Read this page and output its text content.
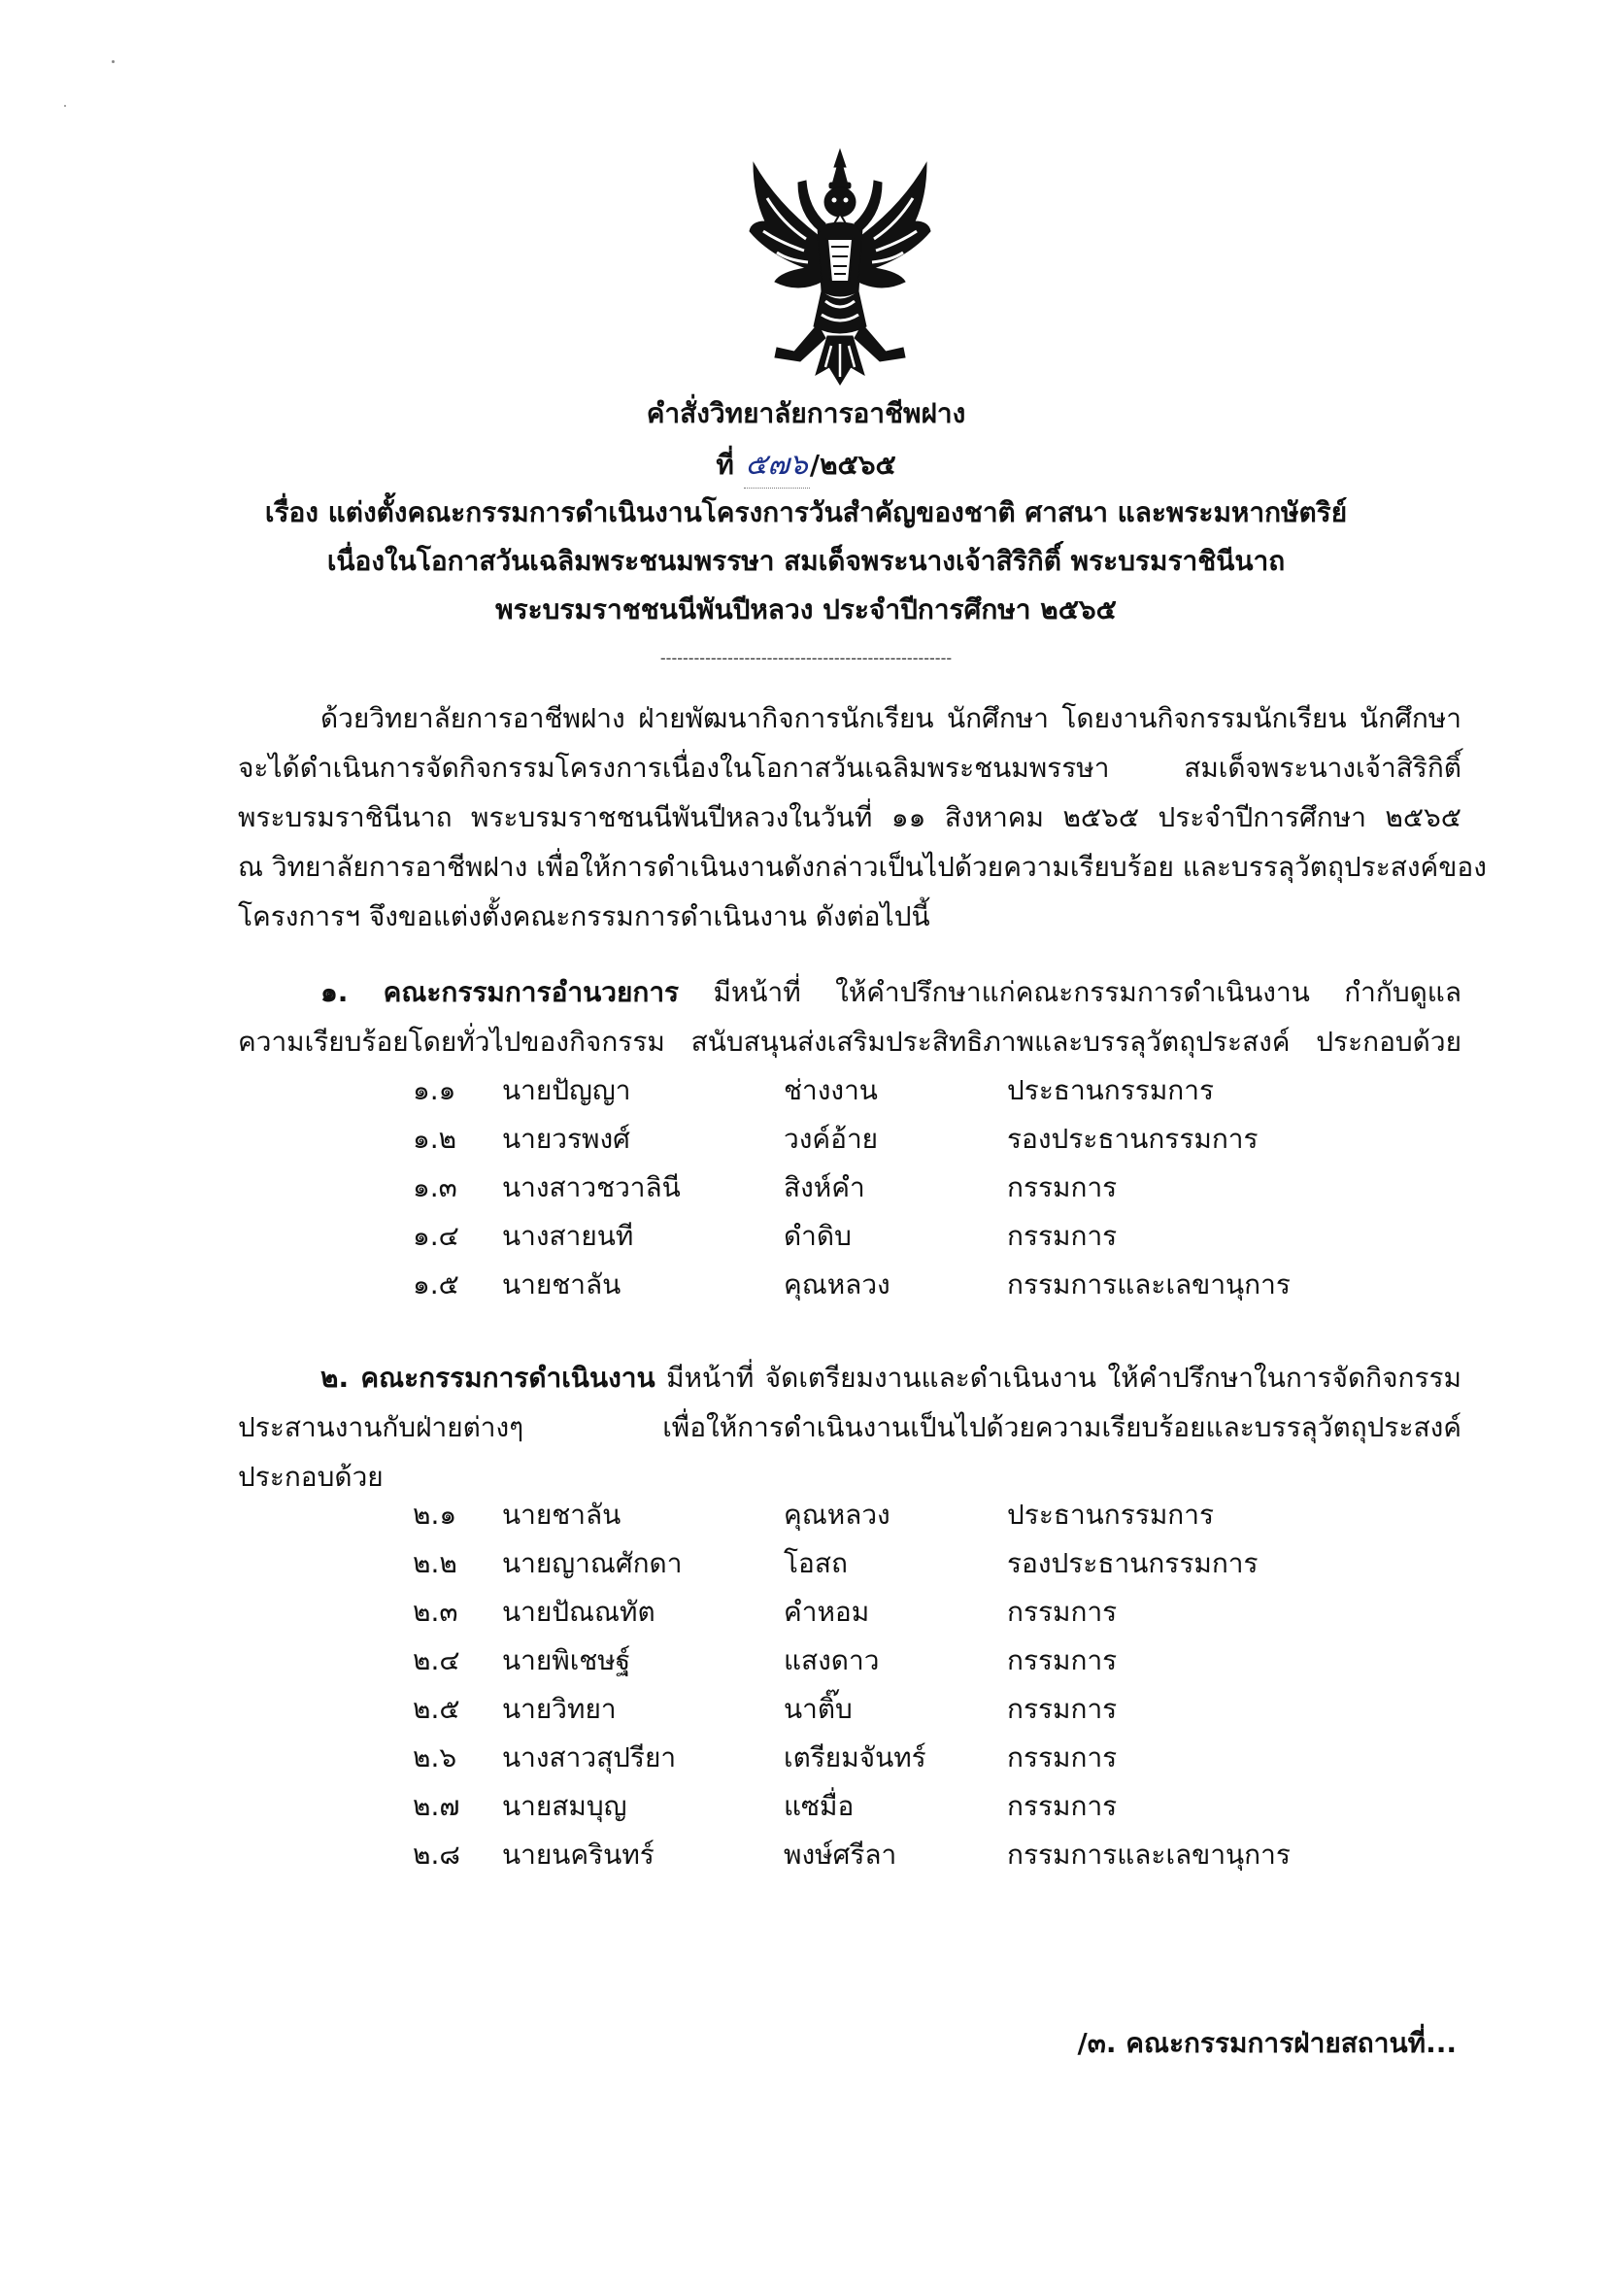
คำสั่งวิทยาลัยการอาชีพฝาง
ที่ ๕๗๖/๒๕๖๕
เรื่อง แต่งตั้งคณะกรรมการดำเนินงานโครงการวันสำคัญของชาติ ศาสนา และพระมหากษัตริย์
เนื่องในโอกาสวันเฉลิมพระชนมพรรษา สมเด็จพระนางเจ้าสิริกิติ์ พระบรมราชินีนาถ
พระบรมราชชนนีพันปีหลวง ประจำปีการศึกษา ๒๕๖๕
----------------------------------------------------
ด้วยวิทยาลัยการอาชีพฝาง ฝ่ายพัฒนากิจการนักเรียน นักศึกษา โดยงานกิจกรรมนักเรียน นักศึกษา
จะได้ดำเนินการจัดกิจกรรมโครงการเนื่องในโอกาสวันเฉลิมพระชนมพรรษา สมเด็จพระนางเจ้าสิริกิติ์
พระบรมราชินีนาถ พระบรมราชชนนีพันปีหลวงในวันที่ ๑๑ สิงหาคม ๒๕๖๕ ประจำปีการศึกษา ๒๕๖๕
ณ วิทยาลัยการอาชีพฝาง เพื่อให้การดำเนินงานดังกล่าวเป็นไปด้วยความเรียบร้อย และบรรลุวัตถุประสงค์ของ
โครงการฯ จึงขอแต่งตั้งคณะกรรมการดำเนินงาน ดังต่อไปนี้
๑. คณะกรรมการอำนวยการ มีหน้าที่ ให้คำปรึกษาแก่คณะกรรมการดำเนินงาน กำกับดูแล
ความเรียบร้อยโดยทั่วไปของกิจกรรม สนับสนุนส่งเสริมประสิทธิภาพและบรรลุวัตถุประสงค์ ประกอบด้วย
๑.๑	นายปัญญา	ช่างงาน	ประธานกรรมการ
๑.๒	นายวรพงศ์	วงค์อ้าย	รองประธานกรรมการ
๑.๓	นางสาวชวาลินี	สิงห์คำ	กรรมการ
๑.๔	นางสายนที	ดำดิบ	กรรมการ
๑.๕	นายชาลัน	คุณหลวง	กรรมการและเลขานุการ
๒. คณะกรรมการดำเนินงาน มีหน้าที่ จัดเตรียมงานและดำเนินงาน ให้คำปรึกษาในการจัดกิจกรรม
ประสานงานกับฝ่ายต่างๆ เพื่อให้การดำเนินงานเป็นไปด้วยความเรียบร้อยและบรรลุวัตถุประสงค์
ประกอบด้วย
๒.๑	นายชาลัน	คุณหลวง	ประธานกรรมการ
๒.๒	นายญาณศักดา	โอสถ	รองประธานกรรมการ
๒.๓	นายปัณณทัต	คำหอม	กรรมการ
๒.๔	นายพิเชษฐ์	แสงดาว	กรรมการ
๒.๕	นายวิทยา	นาติ๊บ	กรรมการ
๒.๖	นางสาวสุปรียา	เตรียมจันทร์	กรรมการ
๒.๗	นายสมบุญ	แซมื่อ	กรรมการ
๒.๘	นายนครินทร์	พงษ์ศรีลา	กรรมการและเลขานุการ
/๓. คณะกรรมการฝ่ายสถานที่...
